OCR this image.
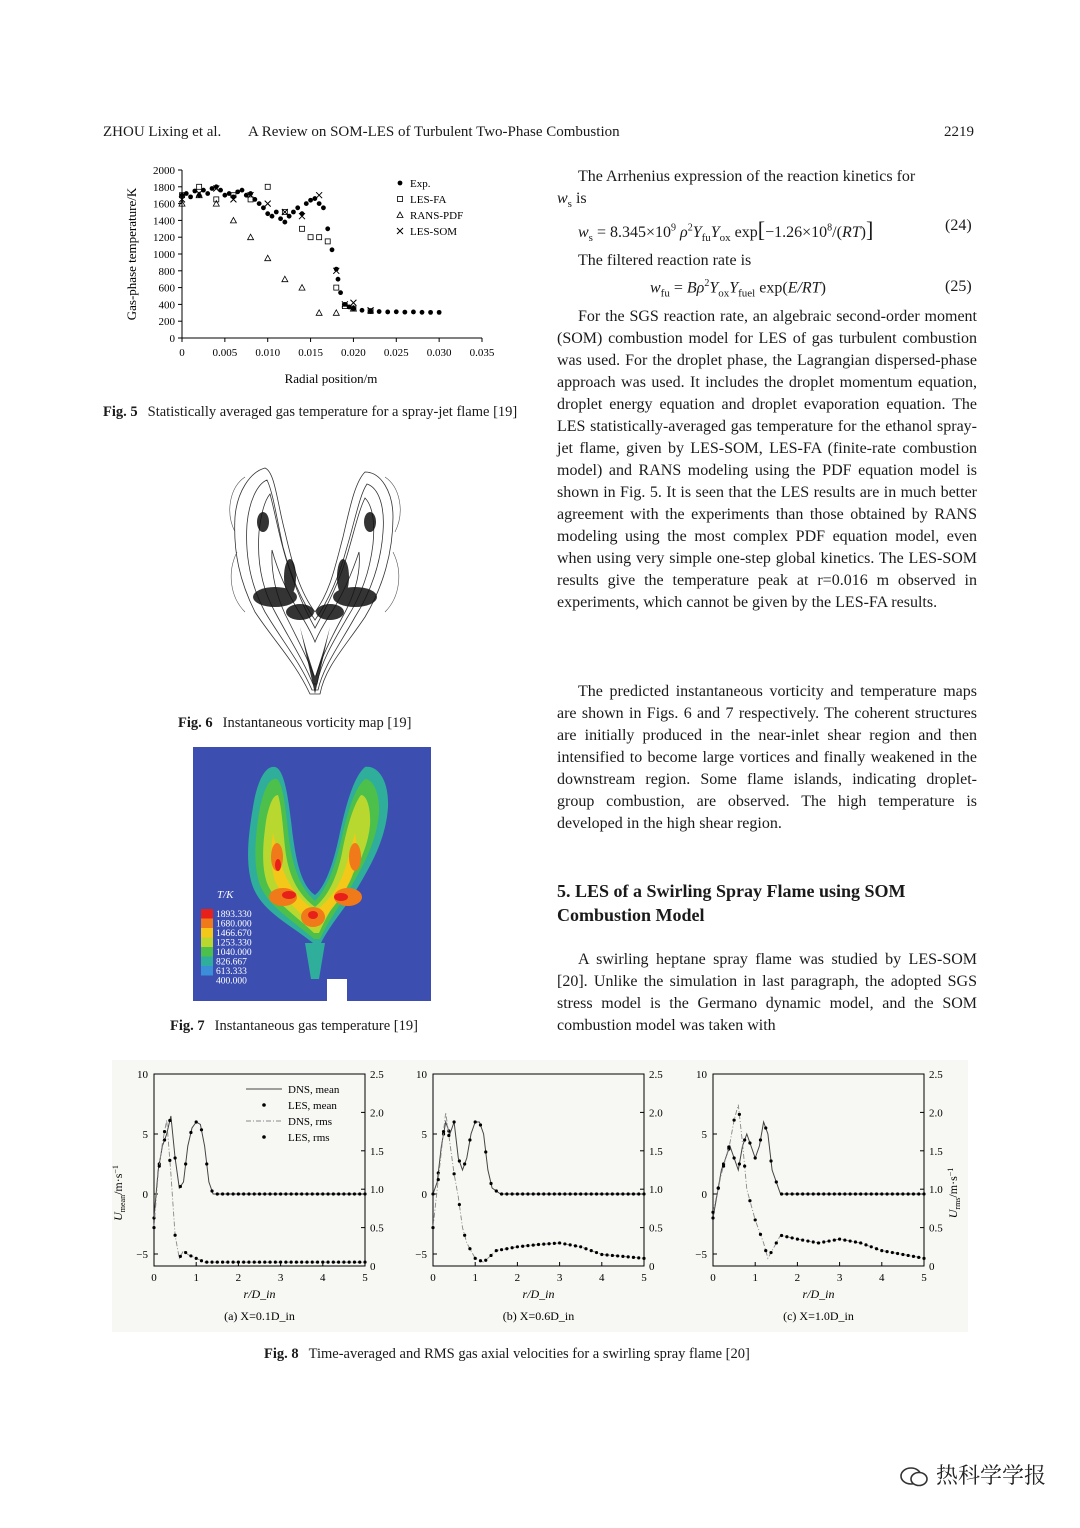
ZHOU Lixing et al. A Review on SOM-LES of Turbulent Two-Phase Combustion	2219
0
200
400
600
800
1000
1200
1400
1600
1800
2000
0	0.005 0.010 0.015 0.020 0.025 0.030 0.035
Exp.
LES-FA
RANS-PDF
LES-SOM
Radial position/m
Gas-phase temperature/K
Fig. 5 Statistically averaged gas temperature for a spray-jet flame [19]
Fig. 6 Instantaneous vorticity map [19]
T/K
1893.330
1680.000
1466.670
1253.330
1040.000
826.667
613.333
400.000
Fig. 7 Instantaneous gas temperature [19]

The Arrhenius expression of the reaction kinetics for
$w_s$ is

$w_s = 8.345\times 10^9$ $\rho^2Y_{fu}Y_{ox}$ $\exp[-1.26\times 10^8/(RT)]$	(24)

The filtered reaction rate is

$w_{fu} = B\rho^2Y_{ox}Y_{fuel}$ exp(E/RT)	(25)

For the SGS reaction rate, an algebraic second-order moment (SOM) combustion model for LES of gas turbulent combustion was used. For the droplet phase, the Lagrangian dispersed-phase approach was used. It includes the droplet momentum equation, droplet energy equation and droplet evaporation equation. The LES statistically-averaged gas temperature for the ethanol spray-jet flame, given by LES-SOM, LES-FA (finite-rate combustion model) and RANS modeling using the PDF equation model is shown in Fig. 5. It is seen that the LES results are in much better agreement with the experiments than those obtained by RANS modeling using the most complex PDF equation model, even when using very simple one-step global kinetics. The LES-SOM results give the temperature peak at r=0.016 m observed in experiments, which cannot be given by the LES-FA results.

The predicted instantaneous vorticity and temperature maps are shown in Figs. 6 and 7 respectively. The coherent structures are initially produced in the near-inlet shear region and then intensified to become large vortices and finally weakened in the downstream region. Some flame islands, indicating droplet-group combustion, are observed. The high temperature is developed in the high shear region.

5. LES of a Swirling Spray Flame using SOM Combustion Model

A swirling heptane spray flame was studied by LES-SOM [20]. Unlike the simulation in last paragraph, the adopted SGS stress model is the Germano dynamic model, and the SOM combustion model was taken with

0	1	2	3	4	5
−5
0
5
10
0
0.5
1.0
1.5
2.0
2.5
r/D_in
(a) X=0.1D_in
0	1	2	3	4	5
−5
0
5
10
0
0.5
1.0
1.5
2.0
2.5
r/D_in
(b) X=0.6D_in
0	1	2	3	4	5
−5
0
5
10
0
0.5
1.0
1.5
2.0
2.5
r/D_in
(c) X=1.0D_in
DNS, mean
LES, mean
DNS, rms
LES, rms
$U_{mean}/m\cdot s^{-1}$
$U_{rms}/m\cdot s^{-1}$
Fig. 8 Time-averaged and RMS gas axial velocities for a swirling spray flame [20]
热科学学报
